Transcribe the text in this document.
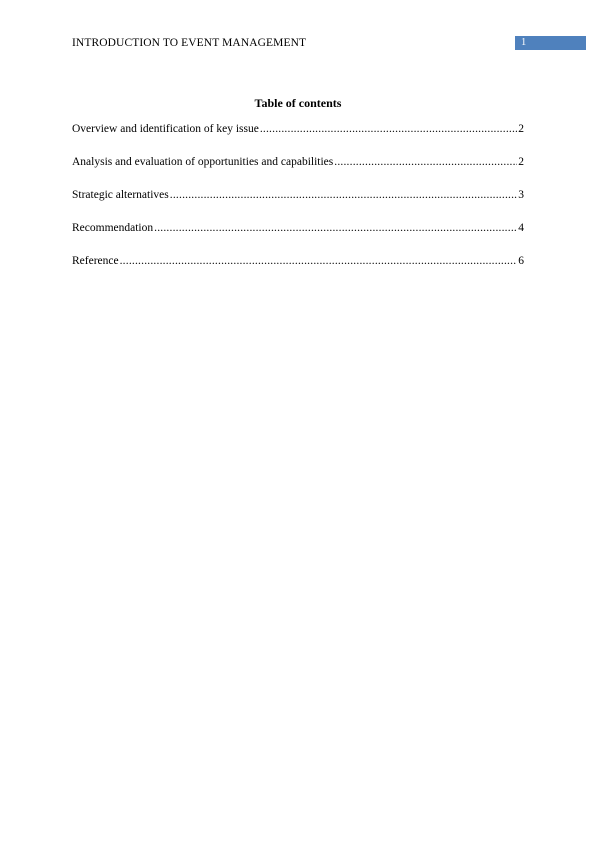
INTRODUCTION TO EVENT MANAGEMENT	1
Table of contents
Overview and identification of key issue .....	2
Analysis and evaluation of opportunities and capabilities .....	2
Strategic alternatives .....	3
Recommendation .....	4
Reference .....	6
